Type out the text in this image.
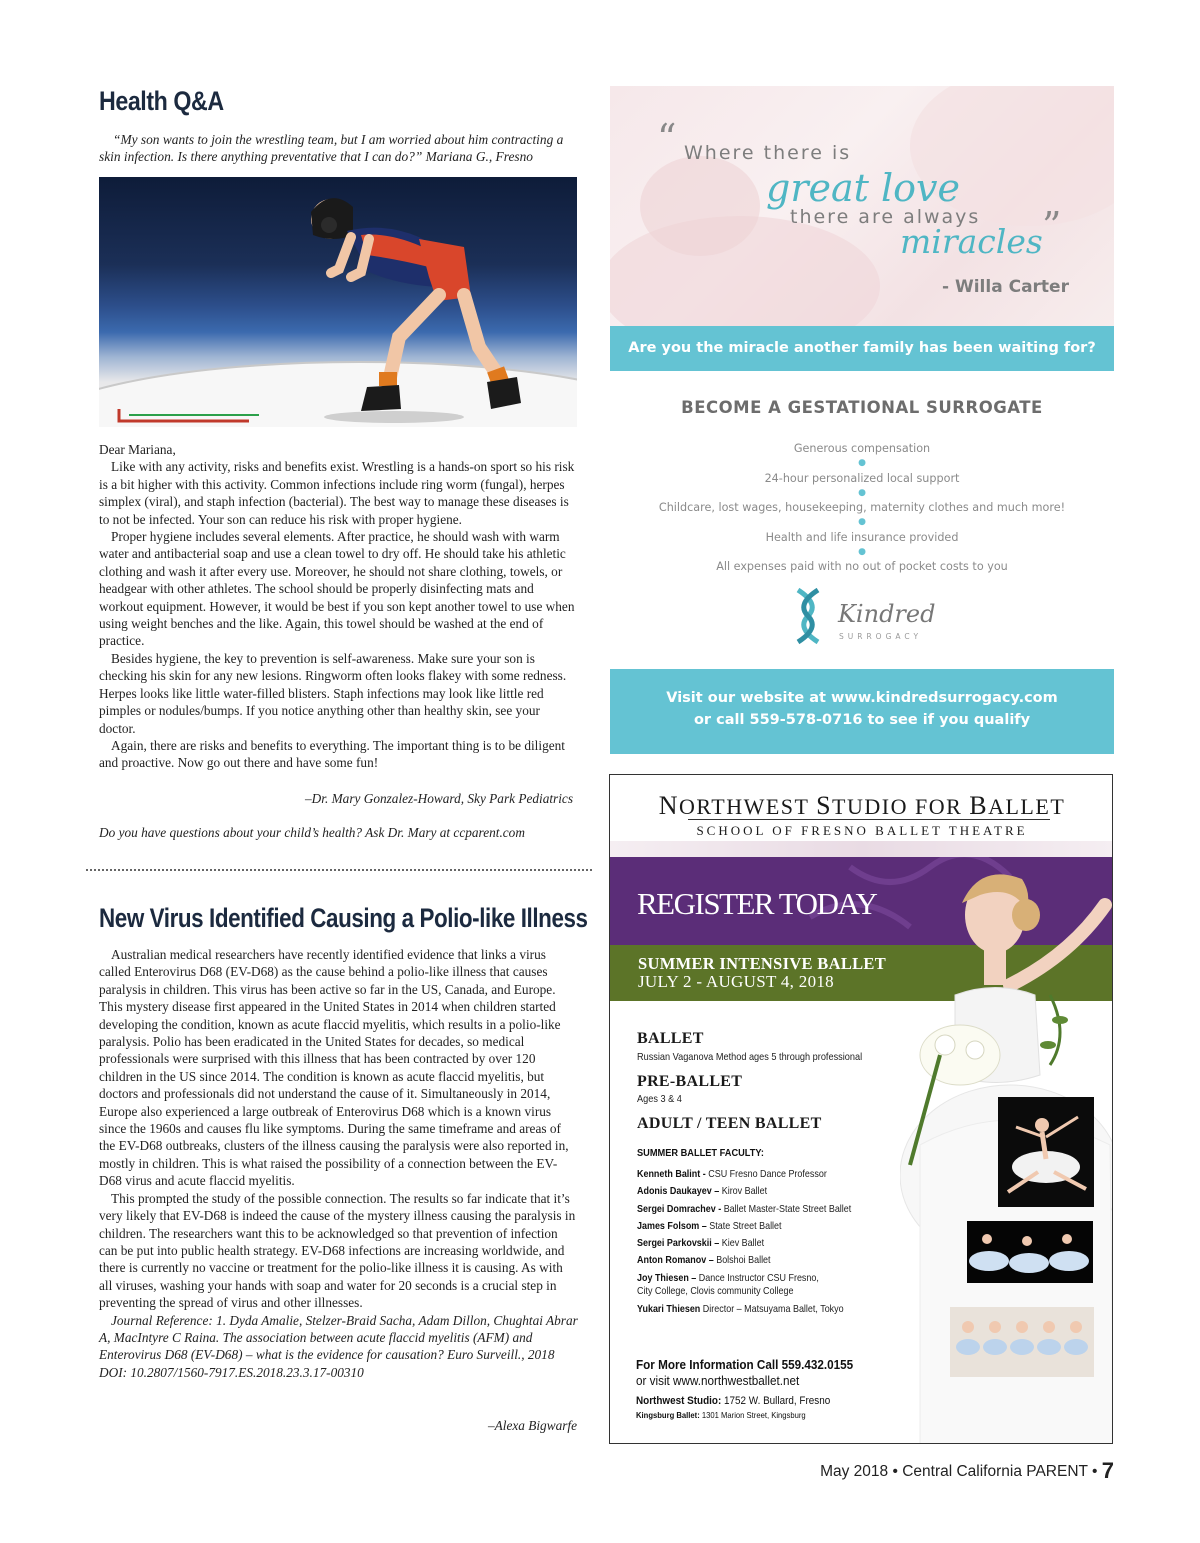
Health Q&A
“My son wants to join the wrestling team, but I am worried about him contracting a skin infection. Is there anything preventative that I can do?” Mariana G., Fresno

Dear Mariana,

Like with any activity, risks and benefits exist. Wrestling is a hands-on sport so his risk is a bit higher with this activity. Common infections include ring worm (fungal), herpes simplex (viral), and staph infection (bacterial). The best way to manage these diseases is to not be infected. Your son can reduce his risk with proper hygiene.

Proper hygiene includes several elements. After practice, he should wash with warm water and antibacterial soap and use a clean towel to dry off. He should take his athletic clothing and wash it after every use. Moreover, he should not share clothing, towels, or headgear with other athletes. The school should be properly disinfecting mats and workout equipment. However, it would be best if you son kept another towel to use when using weight benches and the like. Again, this towel should be washed at the end of practice.

Besides hygiene, the key to prevention is self-awareness. Make sure your son is checking his skin for any new lesions. Ringworm often looks flakey with some redness. Herpes looks like little water-filled blisters. Staph infections may look like little red pimples or nodules/bumps. If you notice anything other than healthy skin, see your doctor.

Again, there are risks and benefits to everything. The important thing is to be diligent and proactive. Now go out there and have some fun!

–Dr. Mary Gonzalez-Howard, Sky Park Pediatrics
Do you have questions about your child’s health? Ask Dr. Mary at ccparent.com
New Virus Identified Causing a Polio-like Illness

Australian medical researchers have recently identified evidence that links a virus called Enterovirus D68 (EV-D68) as the cause behind a polio-like illness that causes paralysis in children. This virus has been active so far in the US, Canada, and Europe. This mystery disease first appeared in the United States in 2014 when children started developing the condition, known as acute flaccid myelitis, which results in a polio-like paralysis. Polio has been eradicated in the United States for decades, so medical professionals were surprised with this illness that has been contracted by over 120 children in the US since 2014. The condition is known as acute flaccid myelitis, but doctors and professionals did not understand the cause of it. Simultaneously in 2014, Europe also experienced a large outbreak of Enterovirus D68 which is a known virus since the 1960s and causes flu like symptoms. During the same timeframe and areas of the EV-D68 outbreaks, clusters of the illness causing the paralysis were also reported in, mostly in children. This is what raised the possibility of a connection between the EV-D68 virus and acute flaccid myelitis.

This prompted the study of the possible connection. The results so far indicate that it’s very likely that EV-D68 is indeed the cause of the mystery illness causing the paralysis in children. The researchers want this to be acknowledged so that prevention of infection can be put into public health strategy. EV-D68 infections are increasing worldwide, and there is currently no vaccine or treatment for the polio-like illness it is causing. As with all viruses, washing your hands with soap and water for 20 seconds is a crucial step in preventing the spread of virus and other illnesses.

Journal Reference: 1. Dyda Amalie, Stelzer-Braid Sacha, Adam Dillon, Chughtai Abrar A, MacIntyre C Raina. The association between acute flaccid myelitis (AFM) and Enterovirus D68 (EV-D68) – what is the evidence for causation? Euro Surveill., 2018 DOI: 10.2807/1560-7917.ES.2018.23.3.17-00310

–Alexa Bigwarfe
“ Where there is
great love
there are always
miracles ”
- Willa Carter
Are you the miracle another family has been waiting for?
BECOME A GESTATIONAL SURROGATE
Generous compensation
●
24-hour personalized local support
●
Childcare, lost wages, housekeeping, maternity clothes and much more!
●
Health and life insurance provided
●
All expenses paid with no out of pocket costs to you
Kindred
SURROGACY
Visit our website at www.kindredsurrogacy.com
or call 559-578-0716 to see if you qualify
NORTHWEST STUDIO FOR BALLET
SCHOOL OF FRESNO BALLET THEATRE
REGISTER TODAY
SUMMER INTENSIVE BALLET
JULY 2 - AUGUST 4, 2018
BALLET
Russian Vaganova Method ages 5 through professional
PRE-BALLET
Ages 3 & 4
ADULT / TEEN BALLET
SUMMER BALLET FACULTY:
Kenneth Balint - CSU Fresno Dance Professor
Adonis Daukayev – Kirov Ballet
Sergei Domrachev - Ballet Master-State Street Ballet
James Folsom – State Street Ballet
Sergei Parkovskii – Kiev Ballet
Anton Romanov – Bolshoi Ballet
Joy Thiesen – Dance Instructor CSU Fresno,
City College, Clovis community College
Yukari Thiesen Director – Matsuyama Ballet, Tokyo
For More Information Call 559.432.0155
or visit www.northwestballet.net
Northwest Studio: 1752 W. Bullard, Fresno
Kingsburg Ballet: 1301 Marion Street, Kingsburg
May 2018 • Central California PARENT • 7
